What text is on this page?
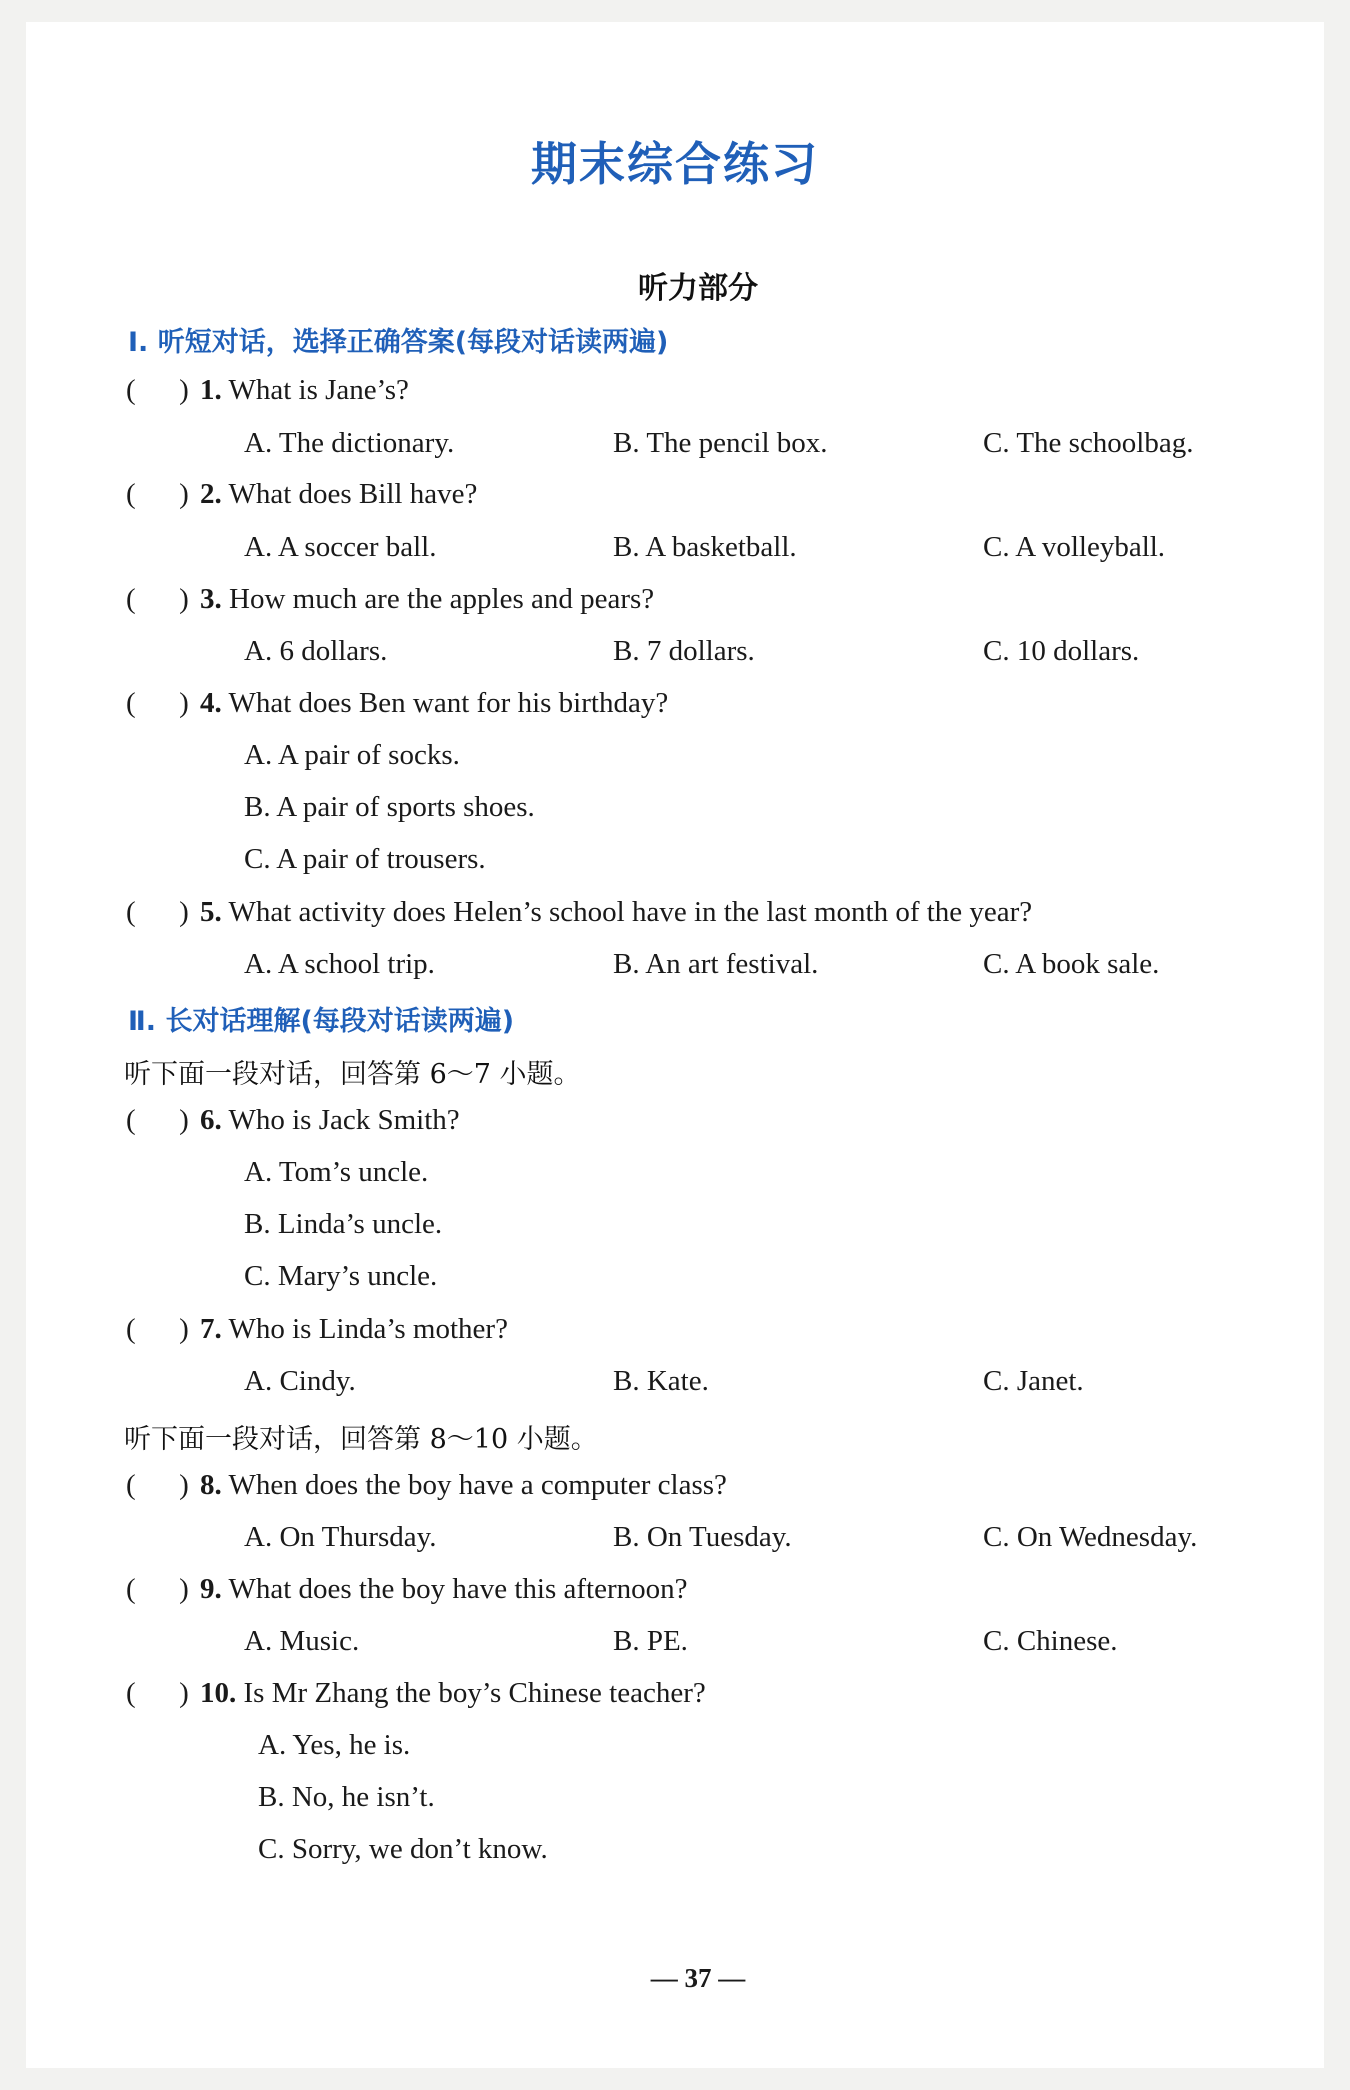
期末综合练习
听力部分
Ⅰ. 听短对话，选择正确答案(每段对话读两遍)
( ) 1. What is Jane’s?
A. The dictionary.	B. The pencil box.	C. The schoolbag.
( ) 2. What does Bill have?
A. A soccer ball.	B. A basketball.	C. A volleyball.
( ) 3. How much are the apples and pears?
A. 6 dollars.	B. 7 dollars.	C. 10 dollars.
( ) 4. What does Ben want for his birthday?
A. A pair of socks.
B. A pair of sports shoes.
C. A pair of trousers.
( ) 5. What activity does Helen’s school have in the last month of the year?
A. A school trip.	B. An art festival.	C. A book sale.
Ⅱ. 长对话理解(每段对话读两遍)
听下面一段对话，回答第 6～7 小题。
( ) 6. Who is Jack Smith?
A. Tom’s uncle.
B. Linda’s uncle.
C. Mary’s uncle.
( ) 7. Who is Linda’s mother?
A. Cindy.	B. Kate.	C. Janet.
听下面一段对话，回答第 8～10 小题。
( ) 8. When does the boy have a computer class?
A. On Thursday.	B. On Tuesday.	C. On Wednesday.
( ) 9. What does the boy have this afternoon?
A. Music.	B. PE.	C. Chinese.
( ) 10. Is Mr Zhang the boy’s Chinese teacher?
A. Yes, he is.
B. No, he isn’t.
C. Sorry, we don’t know.
— 37 —
